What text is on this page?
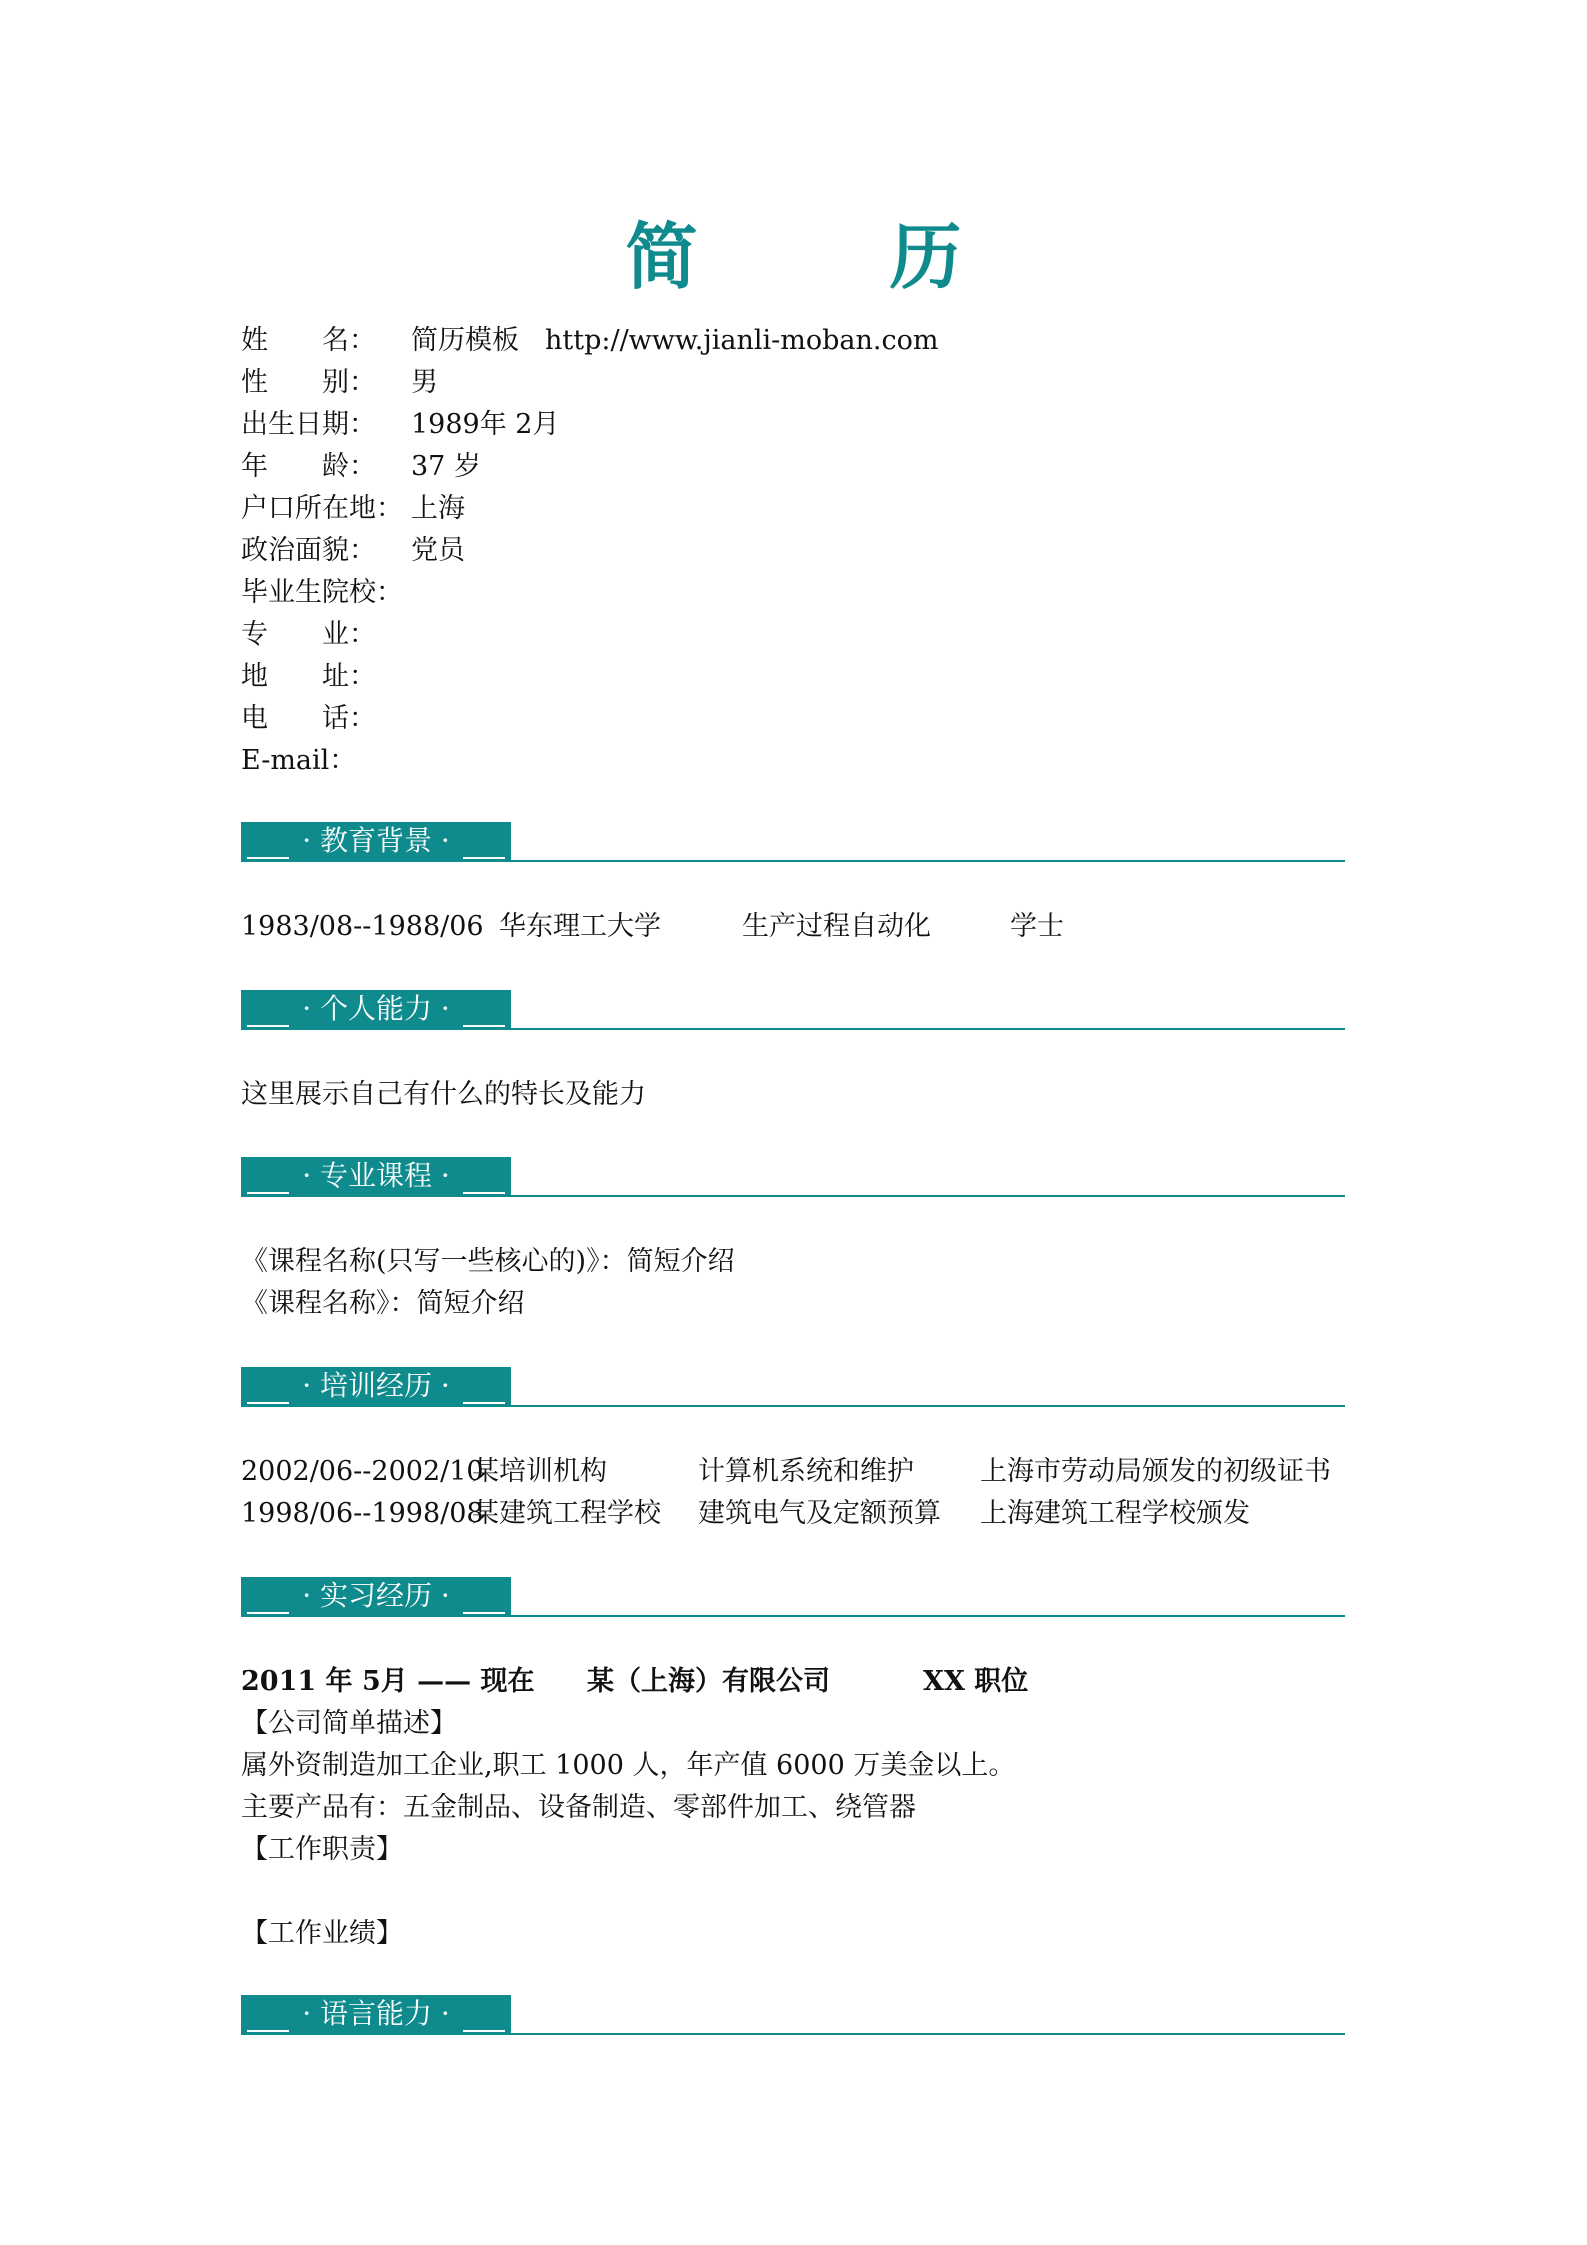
简　历
姓　　名： 简历模板 http://www.jianli-moban.com
性　　别： 男
出生日期： 1989年 2月
年　　龄： 37 岁
户口所在地： 上海
政治面貌： 党员
毕业生院校：
专　　业：
地　　址：
电　　话：
E-mail：
· 教育背景 ·
1983/08--1988/06 华东理工大学	生产过程自动化	学士
· 个人能力 ·
这里展示自己有什么的特长及能力
· 专业课程 ·
《课程名称(只写一些核心的)》：简短介绍
《课程名称》：简短介绍
· 培训经历 ·
2002/06--2002/10某培训机构	计算机系统和维护 上海市劳动局颁发的初级证书
1998/06--1998/08某建筑工程学校 建筑电气及定额预算 上海建筑工程学校颁发
· 实习经历 ·
2011 年 5月 —— 现在 某（上海）有限公司	XX 职位
【公司简单描述】
属外资制造加工企业,职工 1000 人，年产值 6000 万美金以上。
主要产品有：五金制品、设备制造、零部件加工、绕管器
【工作职责】
【工作业绩】
· 语言能力 ·
